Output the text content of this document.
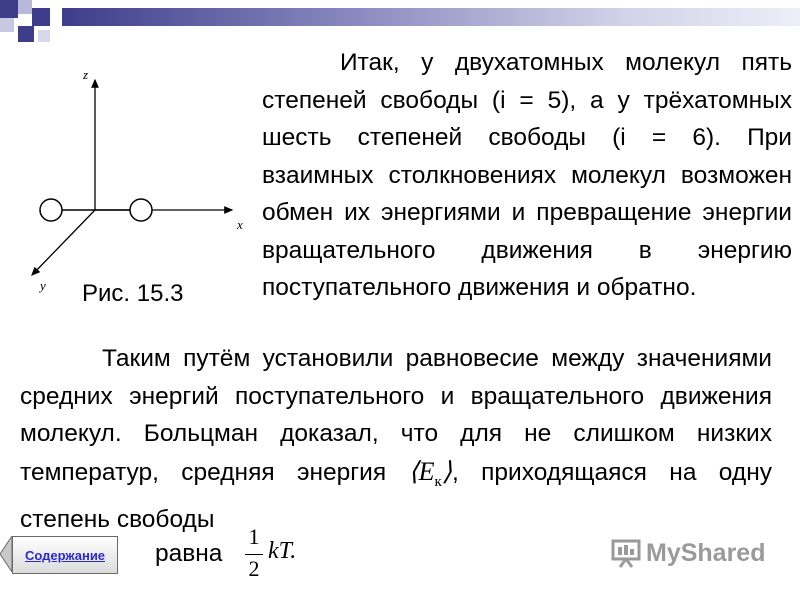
z
x
y Рис. 15.3

Итак, у двухатомных молекул пять степеней свободы (i = 5), а у трёхатомных шесть степеней свободы (i = 6). При взаимных столкновениях молекул возможен обмен их энергиями и превращение энергии вращательного движения в энергию поступательного движения и обратно.

Таким путём установили равновесие между значениями средних энергий поступательного и вращательного движения молекул. Больцман доказал, что для не слишком низких температур, средняя энергия $⟨E_к⟩$, приходящаяся на одну степень свободы

Содержание равна
1
2
kT.	MyShared
